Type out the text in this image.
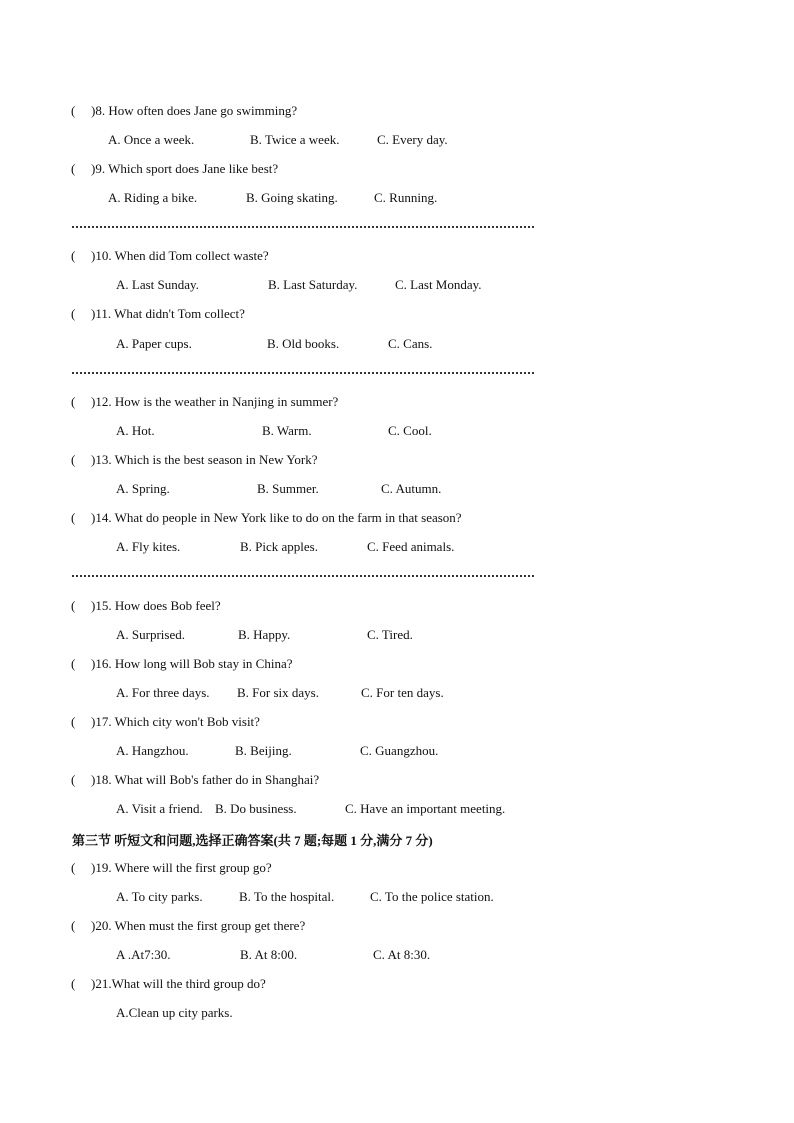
( )8. How often does Jane go swimming?
A. Once a week.	B. Twice a week.	C. Every day.
( )9. Which sport does Jane like best?
A. Riding a bike.	B. Going skating.	C. Running.
( )10. When did Tom collect waste?
A. Last Sunday.	B. Last Saturday.	C. Last Monday.
( )11. What didn't Tom collect?
A. Paper cups.	B. Old books.	C. Cans.
( )12. How is the weather in Nanjing in summer?
A. Hot.	B. Warm.	C. Cool.
( )13. Which is the best season in New York?
A. Spring.	B. Summer.	C. Autumn.
( )14. What do people in New York like to do on the farm in that season?
A. Fly kites.	B. Pick apples.	C. Feed animals.
( )15. How does Bob feel?
A. Surprised.	B. Happy.	C. Tired.
( )16. How long will Bob stay in China?
A. For three days. B. For six days.	C. For ten days.
( )17. Which city won't Bob visit?
A. Hangzhou.	B. Beijing.	C. Guangzhou.
( )18. What will Bob's father do in Shanghai?
A. Visit a friend. B. Do business.	C. Have an important meeting.
第三节 听短文和问题,选择正确答案(共 7 题;每题 1 分,满分 7 分)
( )19. Where will the first group go?
A. To city parks.	B. To the hospital.	C. To the police station.
( )20. When must the first group get there?
A .At7:30.	B. At 8:00.	C. At 8:30.
( )21.What will the third group do?
A.Clean up city parks.
